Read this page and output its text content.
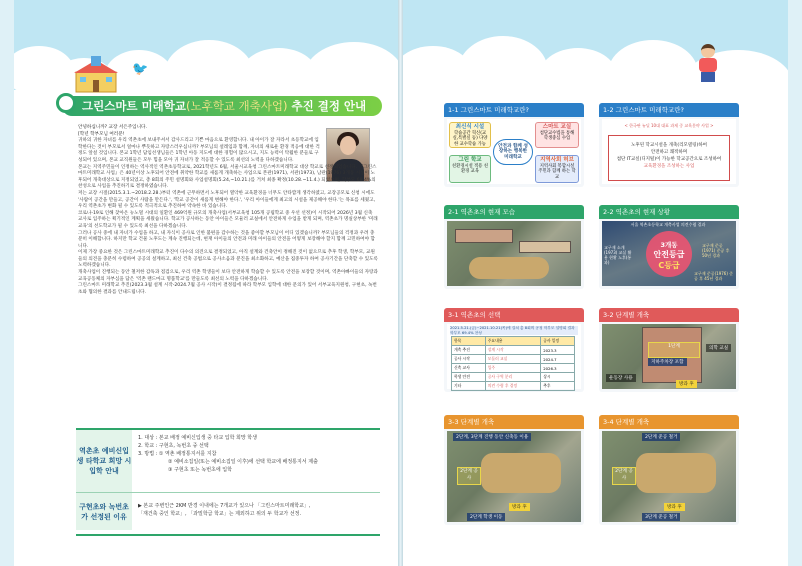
🐦
그린스마트 미래학교(노후학교 개축사업) 추진 결정 안내

안녕하십니까? 교장 서은주입니다.

[학년 학부모님 여러분!

귀하의 귀한 자녀를 우리 역촌초에 보내주셔서 감사드리고 기쁜 마음으로 환영합니다. 내 아이가 잘 자라서 초등학교에 입학한다는 것이 부모로서 얼마나 뿌듯하고 자랑스러우십니까? 부모님의 설레임과 함께, 자녀의 새로운 환경 적응에 대한 걱정도 앞설 것입니다. 본교 1학년 담임선생님들은 1학년 아동 지도에 대한 경험이 많으시고, 지도 능력이 탁월한 분들로 구성되어 있으며, 본교 교직원들은 모두 힘을 모아 귀 자녀가 잘 적응할 수 있도록 최선의 노력을 다하겠습니다.

본교는 지역주민들이 인정하는 역사적인 역촌초등학교로, 2021학년도 6월, 서울시교육청 그린스마트미래학교 대상 학교로 선정되었습니다. 『그린스마트미래학교 사업』은 40년이상 노후되어 안전에 취약한 학교를 새롭게 개축하는 사업으로 본관(1971), 서관(1973), 남관(1976) 3개동 시설이 노후되어 개축대상으로 지정되었고, 총 8회의 주민 설명회와 사업설명회(5.24,~10.21.)를 거쳐 최종 확정(10.28.~11.4.) 되었으며, 학부모 69.4%의 찬성으로 사업을 추진하기로 결정하였습니다.

저는 교장 시절(2015.3.1.~2018.2.28.)부터 역촌에 근무하면서 노후되어 열악한 교육환경을 너무도 안타깝게 생각하였고, 교장공모로 신청 시에도 '사람이 공간을 만들고, 공간이 사람을 만든다.', '학교 공간이 새롭게 변해야 한다.', '우리 아이들에게 최고의 시설을 제공해야 한다.'는 목표를 세웠고, 우리 역촌초가 변화 될 수 있도록 적극적으로 추진하여 약속한 바 있습니다.

코로나-19로 인해 찾아온 뉴노멀 시대의 일환인 469억원 규모의 개축사업(서부교육청 105개 공립학교 중 우선 선정)이 시작되어 2026년 3월 신축 교사로 입주하는 획기적인 계획을 세웠습니다. 학교가 공사하는 동안 아이들은 모듈러 교실에서 안전하게 수업을 받게 되며, 역촌초가 명실상부한 '미래교육'의 선도학교가 될 수 있도록 최선을 다하겠습니다.

그러나 공사 중에 내 자녀가 수업을 하고, 내 자식이 공사로 인한 불편을 감수하는 것을 좋아할 부모님이 어디 있겠습니까? 부모님들의 걱정과 우려 충분히 이해합니다. 하지만 학교 건물 노후도는 계속 진행되는데, 현재 아이들의 안전과 미래 아이들의 안전을 어떻게 보장해야 할지 함께 고민하여야 합니다.

이제 가장 중요한 것은 그린스마트미래학교 추진이 다수의 의견으로 결정되었고, 아직 설계와 건축안이 정해진 것이 없으므로 추후 학생, 학부모, 교원들의 의견을 충분히 수렴하여 공공의 설계하고, 최신 건축 공법으로 공사소음과 분진을 최소화하고, 예산을 집중투자 하여 공사기간을 단축할 수 있도록 노력하겠습니다.

개축사업이 진행되는 동안 철저한 감독과 점검으로, 우리 역촌 학생들이 보다 안전하게 학습할 수 있도록 안전을 보장할 것이며, 역촌아빠이들의 자랑과 교육공동체의 자부심을 담은 '역촌 랜드마크 명품학교'를 만들도록 최선의 노력을 다하겠습니다.

그린스마트 미래학교 추진(2023.3월 설계 시작-2024.7월 공사 시작)이 결정됨에 따라 학부모 입학에 대한 문의가 있어 서부교육지원청, 구현초, 녹번초와 협의한 결과를 안내드립니다.

역촌초 예비신입생 타학교 희망 시 입학 안내
1. 대상 : 본교 배정 예비신입생 중 타교 입학 희망 학생
2. 학교 : 구현초, 녹번초 중 선택
3. 방법 : ① 역촌 배정통지서를 지참
② 예비소집일(또는 예비소집일 이후)에 선택 학교에 배정통지서 제출
③ 구현초 또는 녹번초에 입학
구현초와 녹번초가 선정된 이유
▶ 본교 주변인근 2KM 반경 이내에는 7개교가 있으나 「그린스마트미래학교」,
「재건축 중인 학교」, 「과밀학급 학교」는 제외하고 위의 두 학교가 선정.
1-1 그린스마트 미래학교란?
최신식 시설
학습공간 혁신(교실,특별실 등) 다양한 교수학습 가능
스마트 교실
첨단교수법을 통해 학생중심 수업
그린 학교
친환경시설 적용 친환경 교육
지역사회 허브
지역사회 복합시설 주민과 함께 하는 학교
안전과 함께 성장하는 행복한 미래학교
1-2 그린스마트 미래학교란?
< 한국판 뉴딜 10대 대표 과제 중 교육분야 사업 >
노후된 학교시설을 개축(리모델링)하여
안전하고 쾌적하며
첨단 IT교실(디지털)이 가능한 학교공간으로 조성하여
교육환경을 조성하는 사업
2-1 역촌초의 현재 모습	2-2 역촌초의 현재 상황
서울 역촌초등학교 개축사업 의견수렴 결과
교구재 소개(1973) 교실 활용 현황 노후(통과)
교구재 준공(1971) 준공 후 50년 경과
교구재 준공(1976) 준공 후 45년 경과
3개동
안전등급
C등급
3-1 역촌초의 선택
2021.5.21.(금)~2021.10.21(목)에 걸쳐 총 8회의 공청 학부모 설명회 결과 학부모 69.4% 찬성
항목	주요내용	공사 일정
개축 추진	설계 시작	2023.3
공사 시작	모듈러 교실	2024.7
신축 교사	입주	2026.3
학생 안전	공사 구역 분리	상시
기타	의견 수렴 후 결정	추후
3-2 단계별 개축
1단계
지하주차장 포함
의학 교실
방과 후
운동장 사용
3-3 단계별 개축
2단계, 3단계 진행 동안 신축동 이용
2단계 공사
방과 후
2단계 학생 이동
3-4 단계별 개축
2단계 준공 철거
2단계 공사
방과 후
3단계 준공 철거
